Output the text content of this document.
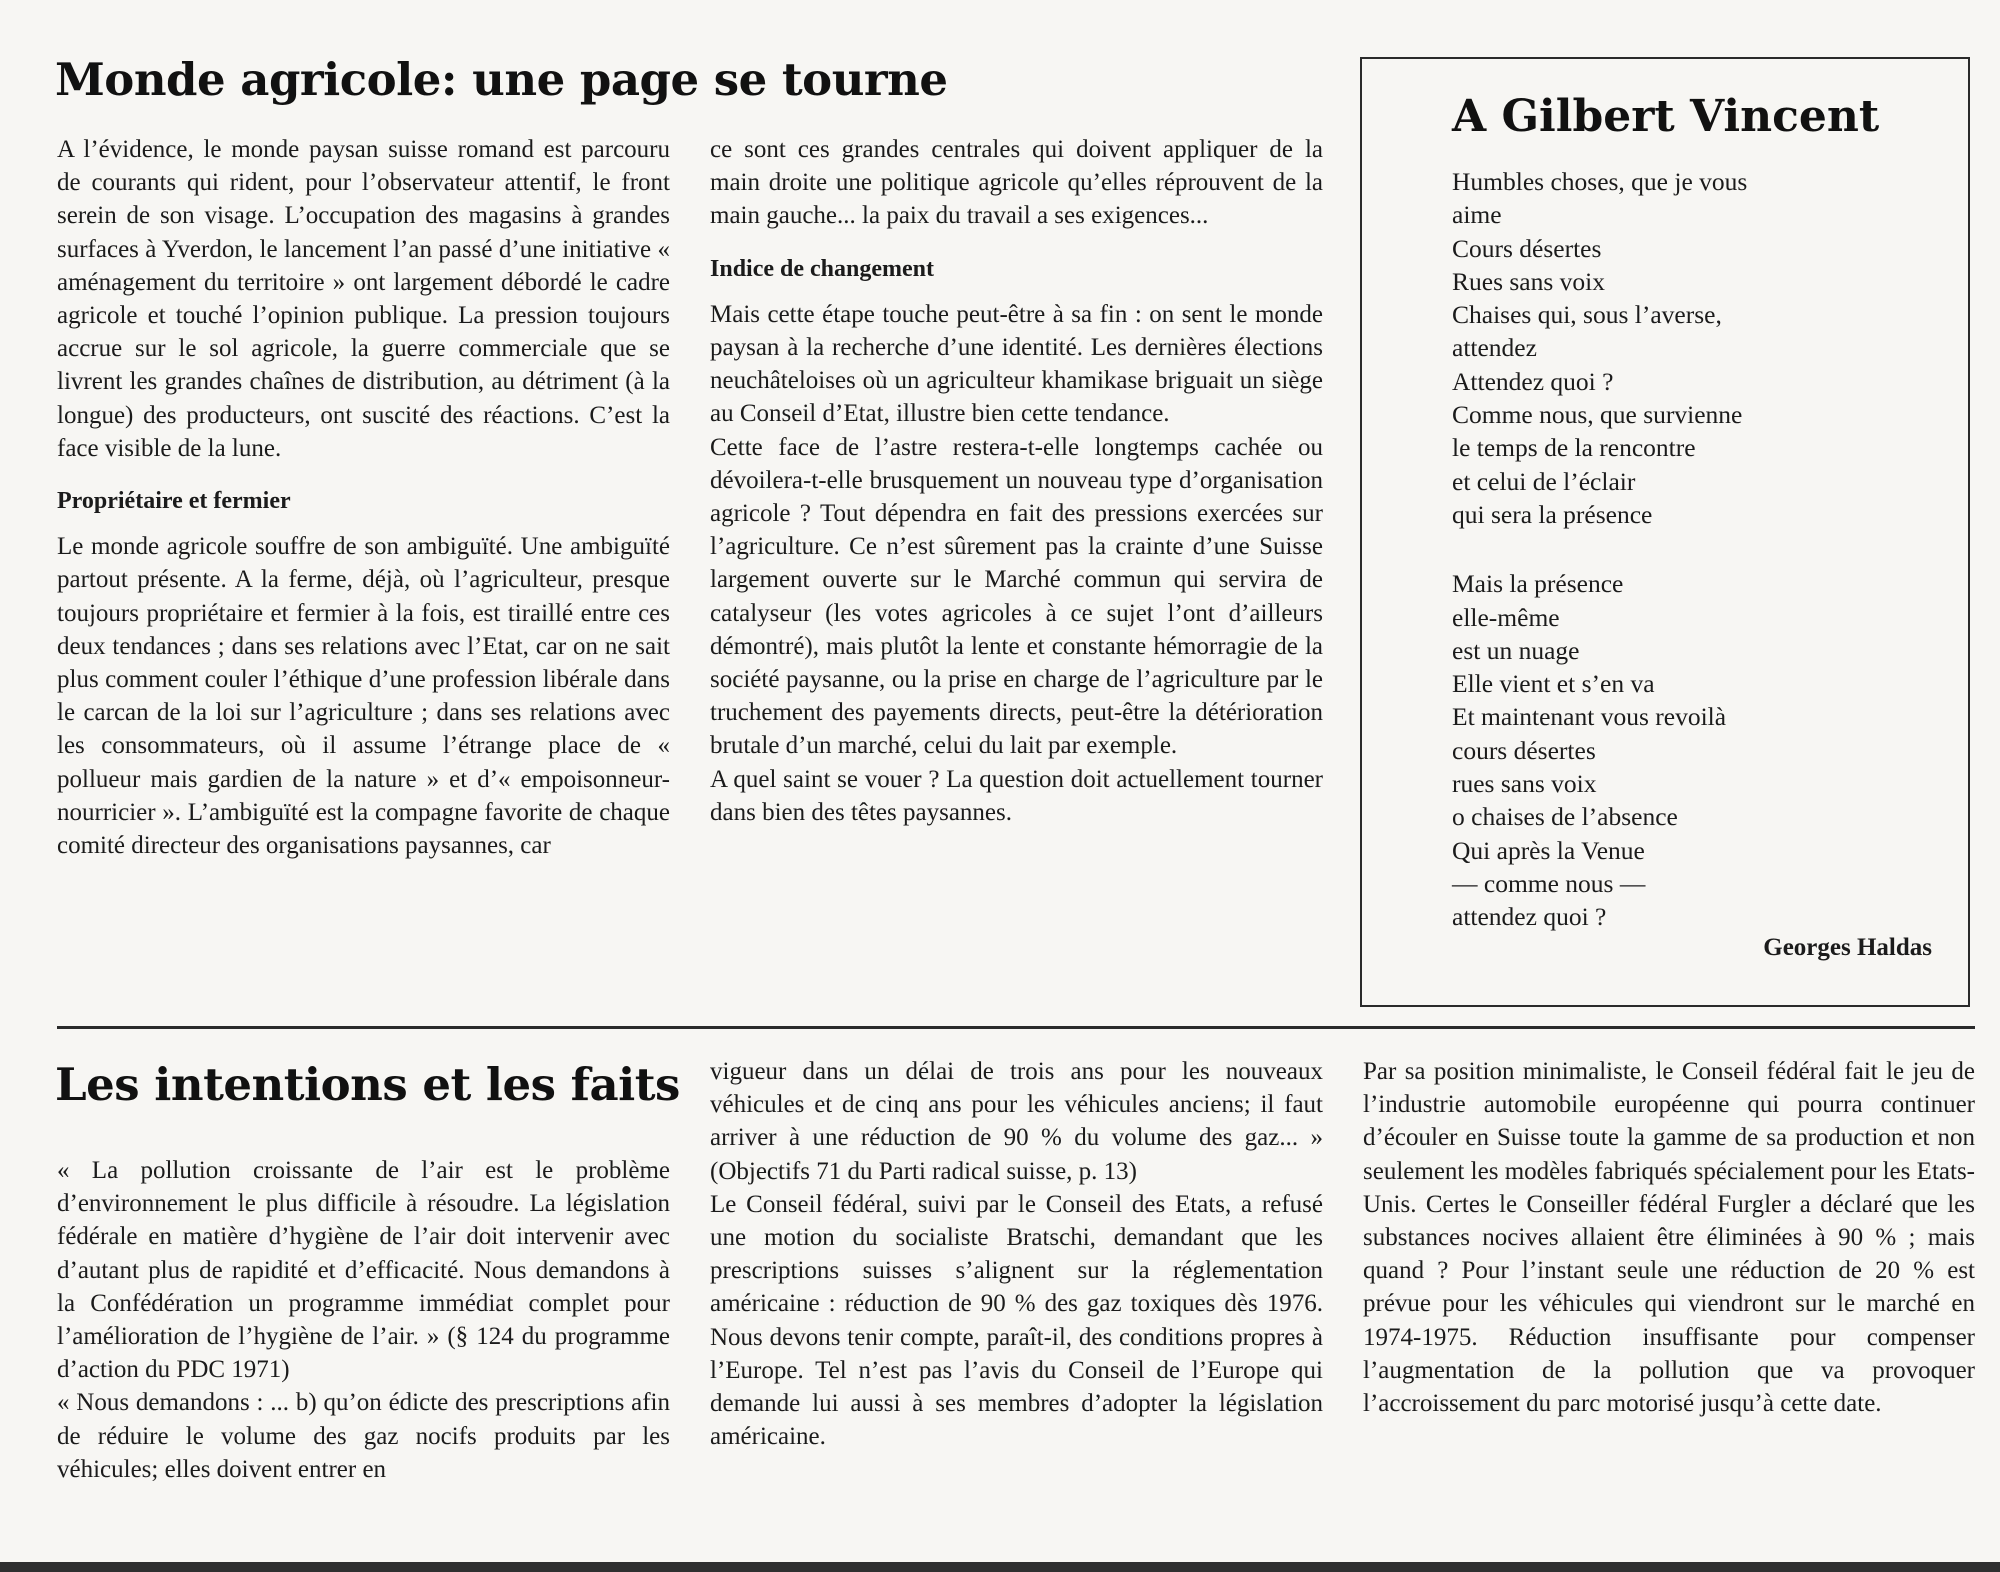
Monde agricole: une page se tourne

A l’évidence, le monde paysan suisse romand est parcouru de courants qui rident, pour l’observateur attentif, le front serein de son visage. L’occupation des magasins à grandes surfaces à Yverdon, le lancement l’an passé d’une initiative « aménagement du territoire » ont largement débordé le cadre agricole et touché l’opinion publique. La pression toujours accrue sur le sol agricole, la guerre commerciale que se livrent les grandes chaînes de distribution, au détriment (à la longue) des producteurs, ont suscité des réactions. C’est la face visible de la lune.

Propriétaire et fermier

Le monde agricole souffre de son ambiguïté. Une ambiguïté partout présente. A la ferme, déjà, où l’agriculteur, presque toujours propriétaire et fermier à la fois, est tiraillé entre ces deux tendances ; dans ses relations avec l’Etat, car on ne sait plus comment couler l’éthique d’une profession libérale dans le carcan de la loi sur l’agriculture ; dans ses relations avec les consommateurs, où il assume l’étrange place de « pollueur mais gardien de la nature » et d’« empoisonneur-nourricier ». L’ambiguïté est la compagne favorite de chaque comité directeur des organisations paysannes, car

ce sont ces grandes centrales qui doivent appliquer de la main droite une politique agricole qu’elles réprouvent de la main gauche... la paix du travail a ses exigences...

Indice de changement

Mais cette étape touche peut-être à sa fin : on sent le monde paysan à la recherche d’une identité. Les dernières élections neuchâteloises où un agriculteur khamikase briguait un siège au Conseil d’Etat, illustre bien cette tendance.

Cette face de l’astre restera-t-elle longtemps cachée ou dévoilera-t-elle brusquement un nouveau type d’organisation agricole ? Tout dépendra en fait des pressions exercées sur l’agriculture. Ce n’est sûrement pas la crainte d’une Suisse largement ouverte sur le Marché commun qui servira de catalyseur (les votes agricoles à ce sujet l’ont d’ailleurs démontré), mais plutôt la lente et constante hémorragie de la société paysanne, ou la prise en charge de l’agriculture par le truchement des payements directs, peut-être la détérioration brutale d’un marché, celui du lait par exemple.

A quel saint se vouer ? La question doit actuellement tourner dans bien des têtes paysannes.

A Gilbert Vincent
Humbles choses, que je vous
aime
Cours désertes
Rues sans voix
Chaises qui, sous l’averse,
attendez
Attendez quoi ?
Comme nous, que survienne
le temps de la rencontre
et celui de l’éclair
qui sera la présence
Mais la présence
elle-même
est un nuage
Elle vient et s’en va
Et maintenant vous revoilà
cours désertes
rues sans voix
o chaises de l’absence
Qui après la Venue
— comme nous —
attendez quoi ?
Georges Haldas
Les intentions et les faits

« La pollution croissante de l’air est le problème d’environnement le plus difficile à résoudre. La législation fédérale en matière d’hygiène de l’air doit intervenir avec d’autant plus de rapidité et d’efficacité. Nous demandons à la Confédération un programme immédiat complet pour l’amélioration de l’hygiène de l’air. » (§ 124 du programme d’action du PDC 1971)

« Nous demandons : ... b) qu’on édicte des prescriptions afin de réduire le volume des gaz nocifs produits par les véhicules; elles doivent entrer en

vigueur dans un délai de trois ans pour les nouveaux véhicules et de cinq ans pour les véhicules anciens; il faut arriver à une réduction de 90 % du volume des gaz... » (Objectifs 71 du Parti radical suisse, p. 13)

Le Conseil fédéral, suivi par le Conseil des Etats, a refusé une motion du socialiste Bratschi, demandant que les prescriptions suisses s’alignent sur la réglementation américaine : réduction de 90 % des gaz toxiques dès 1976. Nous devons tenir compte, paraît-il, des conditions propres à l’Europe. Tel n’est pas l’avis du Conseil de l’Europe qui demande lui aussi à ses membres d’adopter la législation américaine.

Par sa position minimaliste, le Conseil fédéral fait le jeu de l’industrie automobile européenne qui pourra continuer d’écouler en Suisse toute la gamme de sa production et non seulement les modèles fabriqués spécialement pour les Etats-Unis. Certes le Conseiller fédéral Furgler a déclaré que les substances nocives allaient être éliminées à 90 % ; mais quand ? Pour l’instant seule une réduction de 20 % est prévue pour les véhicules qui viendront sur le marché en 1974-1975. Réduction insuffisante pour compenser l’augmentation de la pollution que va provoquer l’accroissement du parc motorisé jusqu’à cette date.
